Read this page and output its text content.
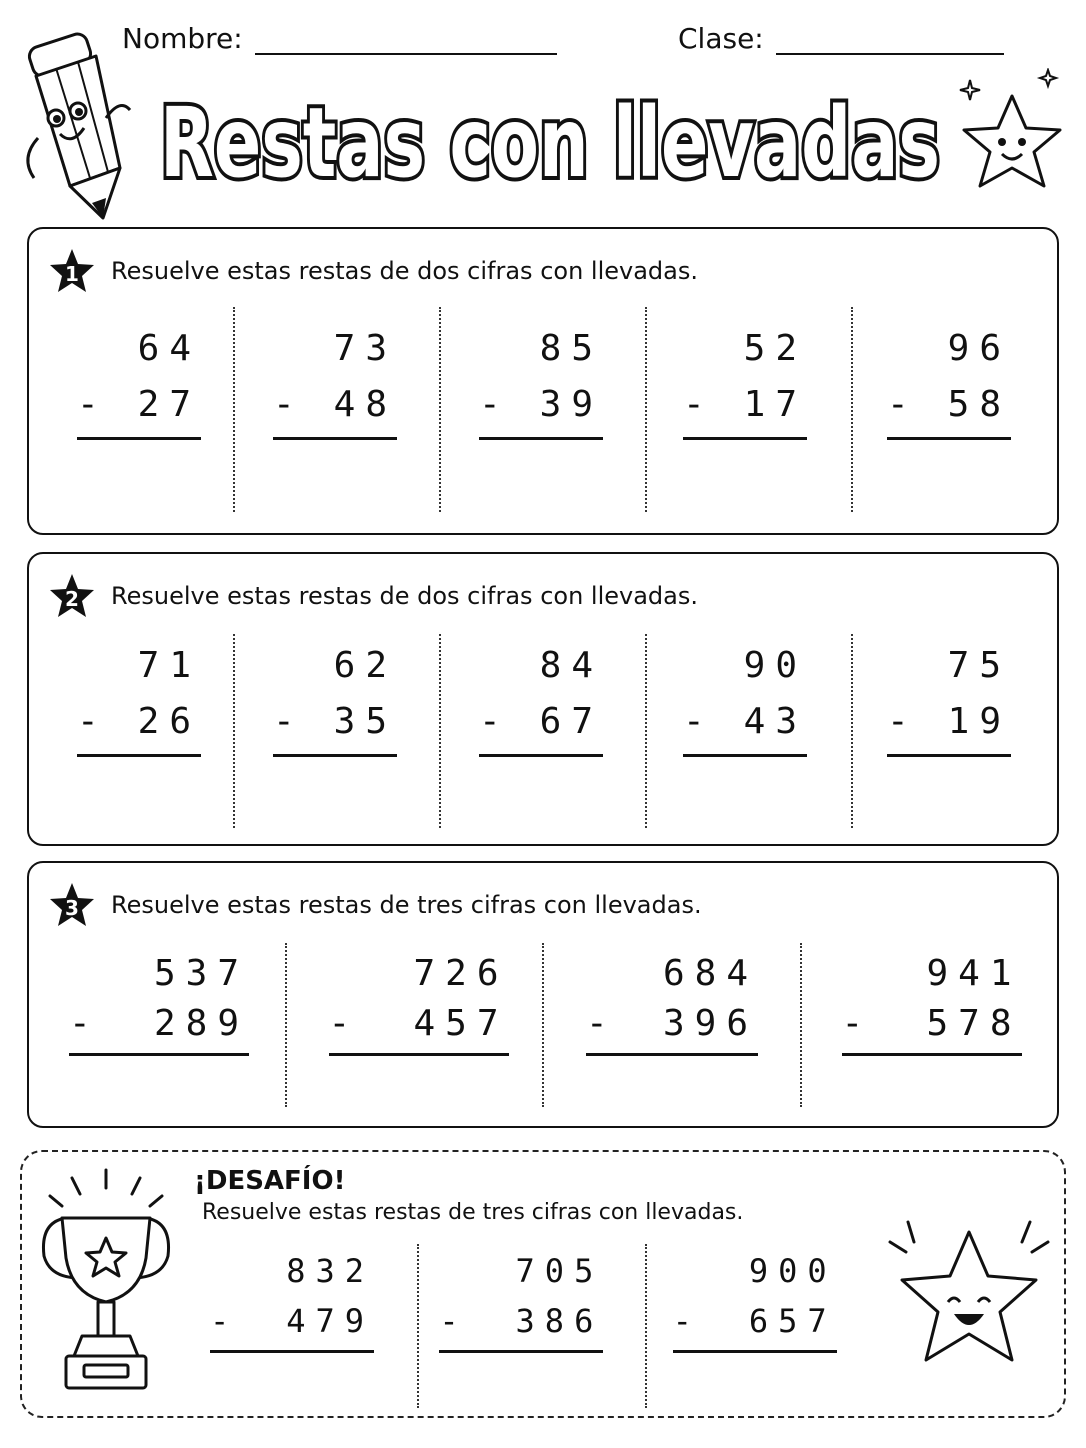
Nombre:	Clase:
Restas con llevadas
1 Resuelve estas restas de dos cifras con llevadas.
64
- 27
73
- 48
85
- 39
52
- 17
96
- 58
2 Resuelve estas restas de dos cifras con llevadas.
71
- 26
62
- 35
84
- 67
90
- 43
75
- 19
3 Resuelve estas restas de tres cifras con llevadas.
537
- 289
726
- 457
684
- 396
941
- 578
¡DESAFÍO!
Resuelve estas restas de tres cifras con llevadas.
832
- 479
705
- 386
900
- 657
